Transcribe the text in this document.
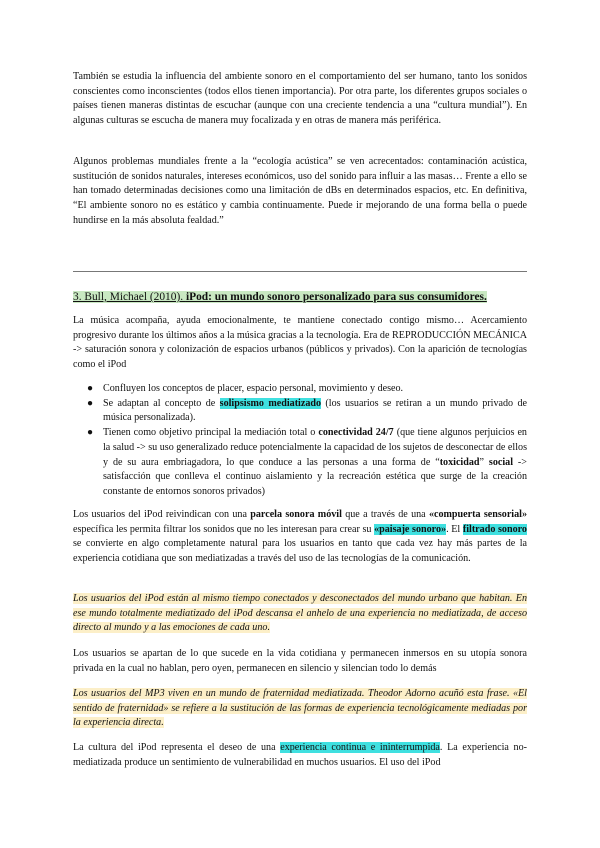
También se estudia la influencia del ambiente sonoro en el comportamiento del ser humano, tanto los sonidos conscientes como inconscientes (todos ellos tienen importancia). Por otra parte, los diferentes grupos sociales o países tienen maneras distintas de escuchar (aunque con una creciente tendencia a una “cultura mundial”). En algunas culturas se escucha de manera muy focalizada y en otras de manera más periférica.

Algunos problemas mundiales frente a la “ecología acústica” se ven acrecentados: contaminación acústica, sustitución de sonidos naturales, intereses económicos, uso del sonido para influir a las masas… Frente a ello se han tomado determinadas decisiones como una limitación de dBs en determinados espacios, etc. En definitiva, “El ambiente sonoro no es estático y cambia continuamente. Puede ir mejorando de una forma bella o puede hundirse en la más absoluta fealdad.”

3. Bull, Michael (2010). iPod: un mundo sonoro personalizado para sus consumidores.

La música acompaña, ayuda emocionalmente, te mantiene conectado contigo mismo… Acercamiento progresivo durante los últimos años a la música gracias a la tecnología. Era de REPRODUCCIÓN MECÁNICA -> saturación sonora y colonización de espacios urbanos (públicos y privados). Con la aparición de tecnologías como el iPod

● Confluyen los conceptos de placer, espacio personal, movimiento y deseo.
● Se adaptan al concepto de solipsismo mediatizado (los usuarios se retiran a un mundo privado de música personalizada).
● Tienen como objetivo principal la mediación total o conectividad 24/7 (que tiene algunos perjuicios en la salud -> su uso generalizado reduce potencialmente la capacidad de los sujetos de desconectar de ellos y de su aura embriagadora, lo que conduce a las personas a una forma de “toxicidad” social -> satisfacción que conlleva el continuo aislamiento y la recreación estética que surge de la creación constante de entornos sonoros privados)

Los usuarios del iPod reivindican con una parcela sonora móvil que a través de una «compuerta sensorial» específica les permita filtrar los sonidos que no les interesan para crear su «paisaje sonoro». El filtrado sonoro se convierte en algo completamente natural para los usuarios en tanto que cada vez hay más partes de la experiencia cotidiana que son mediatizadas a través del uso de las tecnologías de la comunicación.

Los usuarios del iPod están al mismo tiempo conectados y desconectados del mundo urbano que habitan. En ese mundo totalmente mediatizado del iPod descansa el anhelo de una experiencia no mediatizada, de acceso directo al mundo y a las emociones de cada uno.

Los usuarios se apartan de lo que sucede en la vida cotidiana y permanecen inmersos en su utopía sonora privada en la cual no hablan, pero oyen, permanecen en silencio y silencian todo lo demás

Los usuarios del MP3 viven en un mundo de fraternidad mediatizada. Theodor Adorno acuñó esta frase. «El sentido de fraternidad» se refiere a la sustitución de las formas de experiencia tecnológicamente mediadas por la experiencia directa.

La cultura del iPod representa el deseo de una experiencia continua e ininterrumpida. La experiencia no-mediatizada produce un sentimiento de vulnerabilidad en muchos usuarios. El uso del iPod
